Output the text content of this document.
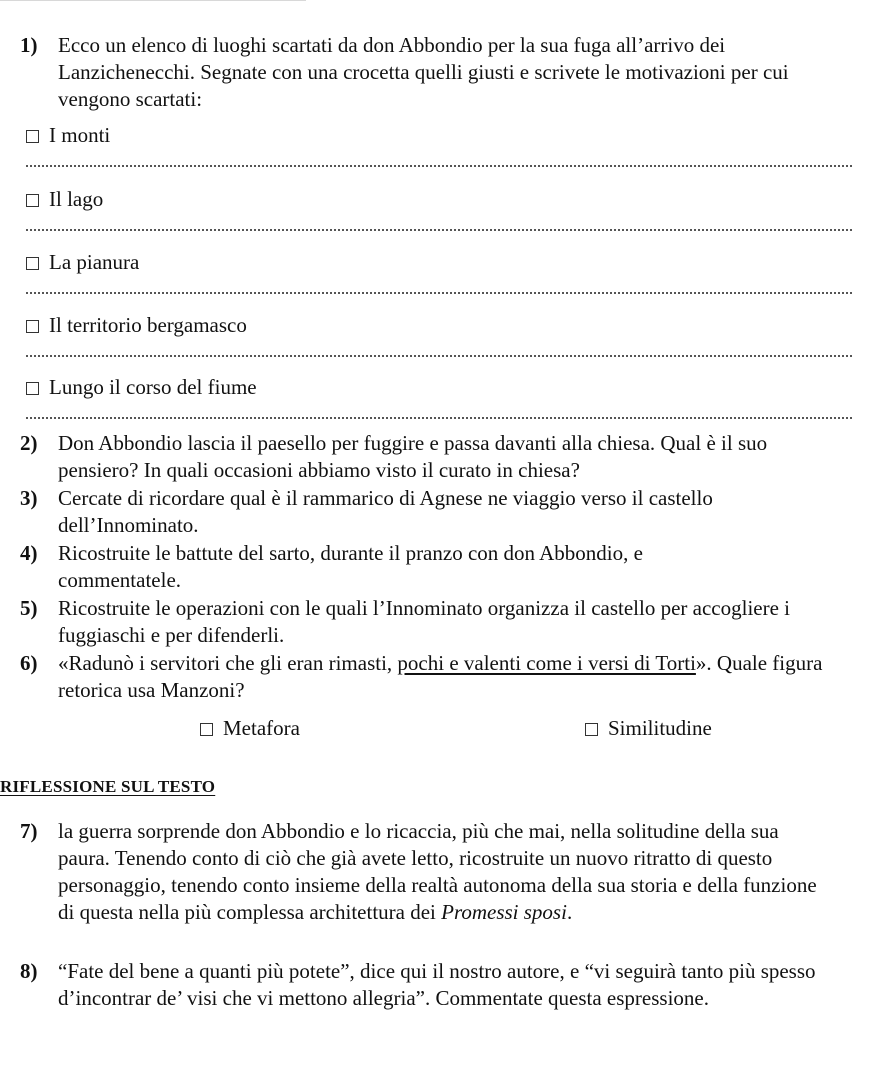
1) Ecco un elenco di luoghi scartati da don Abbondio per la sua fuga all’arrivo dei Lanzichenecchi. Segnate con una crocetta quelli giusti e scrivete le motivazioni per cui vengono scartati:
I monti
Il lago
La pianura
Il territorio bergamasco
Lungo il corso del fiume
2) Don Abbondio lascia il paesello per fuggire e passa davanti alla chiesa. Qual è il suo pensiero? In quali occasioni abbiamo visto il curato in chiesa?
3) Cercate di ricordare qual è il rammarico di Agnese ne viaggio verso il castello dell’Innominato.
4) Ricostruite le battute del sarto, durante il pranzo con don Abbondio, e commentatele.
5) Ricostruite le operazioni con le quali l’Innominato organizza il castello per accogliere i fuggiaschi e per difenderli.
6) «Radunò i servitori che gli eran rimasti, pochi e valenti come i versi di Torti». Quale figura retorica usa Manzoni?
Metafora	Similitudine
RIFLESSIONE SUL TESTO
7) la guerra sorprende don Abbondio e lo ricaccia, più che mai, nella solitudine della sua paura. Tenendo conto di ciò che già avete letto, ricostruite un nuovo ritratto di questo personaggio, tenendo conto insieme della realtà autonoma della sua storia e della funzione di questa nella più complessa architettura dei Promessi sposi.
8) “Fate del bene a quanti più potete”, dice qui il nostro autore, e “vi seguirà tanto più spesso d’incontrar de’ visi che vi mettono allegria”. Commentate questa espressione.
